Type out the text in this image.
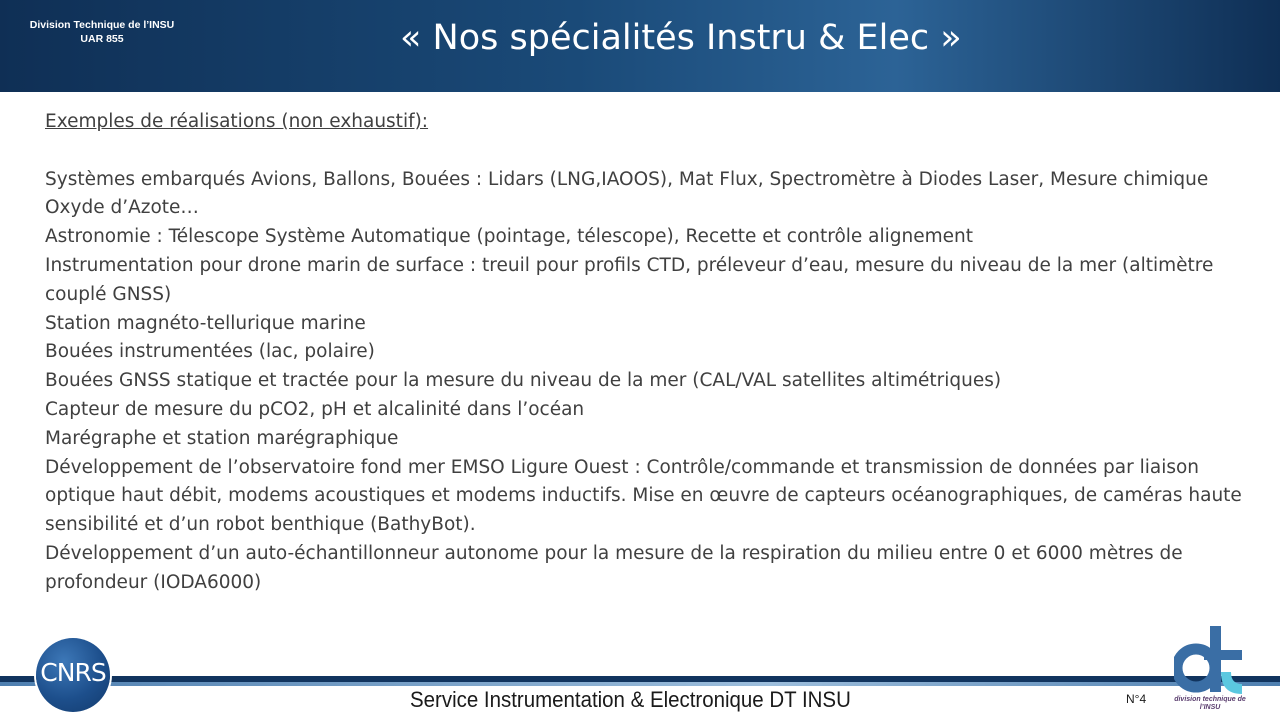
Division Technique de l’INSU
UAR 855	« Nos spécialités Instru & Elec »

Exemples de réalisations (non exhaustif):

Systèmes embarqués Avions, Ballons, Bouées : Lidars (LNG,IAOOS), Mat Flux, Spectromètre à Diodes Laser, Mesure chimique Oxyde d’Azote…
Astronomie : Télescope Système Automatique (pointage, télescope), Recette et contrôle alignement
Instrumentation pour drone marin de surface : treuil pour profils CTD, préleveur d’eau, mesure du niveau de la mer (altimètre couplé GNSS)
Station magnéto-tellurique marine
Bouées instrumentées (lac, polaire)
Bouées GNSS statique et tractée pour la mesure du niveau de la mer (CAL/VAL satellites altimétriques)
Capteur de mesure du pCO2, pH et alcalinité dans l’océan
Marégraphe et station marégraphique
Développement de l’observatoire fond mer EMSO Ligure Ouest : Contrôle/commande et transmission de données par liaison optique haut débit, modems acoustiques et modems inductifs. Mise en œuvre de capteurs océanographiques, de caméras haute sensibilité et d’un robot benthique (BathyBot).
Développement d’un auto-échantillonneur autonome pour la mesure de la respiration du milieu entre 0 et 6000 mètres de profondeur (IODA6000)
CNRS
Service Instrumentation & Electronique DT INSU	N°4	division technique de l’INSU
